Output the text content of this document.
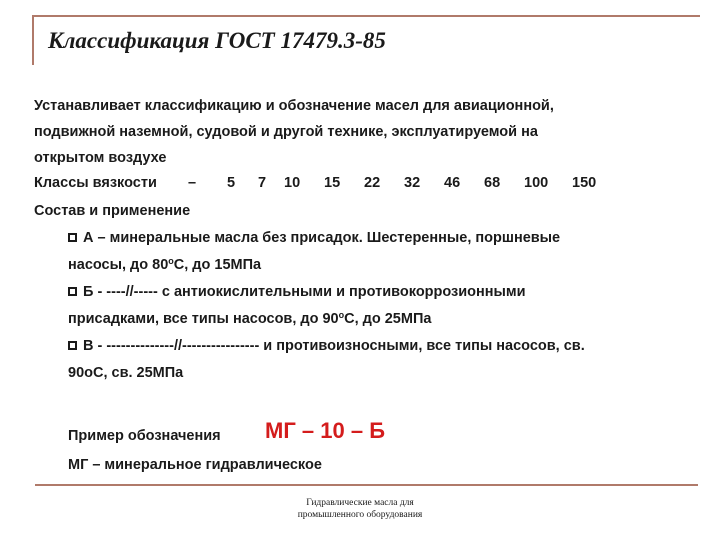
Классификация ГОСТ 17479.3-85
Устанавливает классификацию и обозначение масел для авиационной,
подвижной наземной, судовой и другой технике, эксплуатируемой на
открытом воздухе
Классы вязкости – 5 7 10 15 22 32 46 68 100 150
Состав и применение
А – минеральные масла без присадок. Шестеренные, поршневые
насосы, до $80^оС$, до 15МПа
Б - ----//----- с антиокислительными и противокоррозионными
присадками, все типы насосов, до $90^оС$, до 25МПа
В - --------------//---------------- и противоизносными, все типы насосов, св.
90оС, св. 25МПа
Пример обозначения МГ – 10 – Б
МГ – минеральное гидравлическое
Гидравлические масла для
промышленного оборудования
